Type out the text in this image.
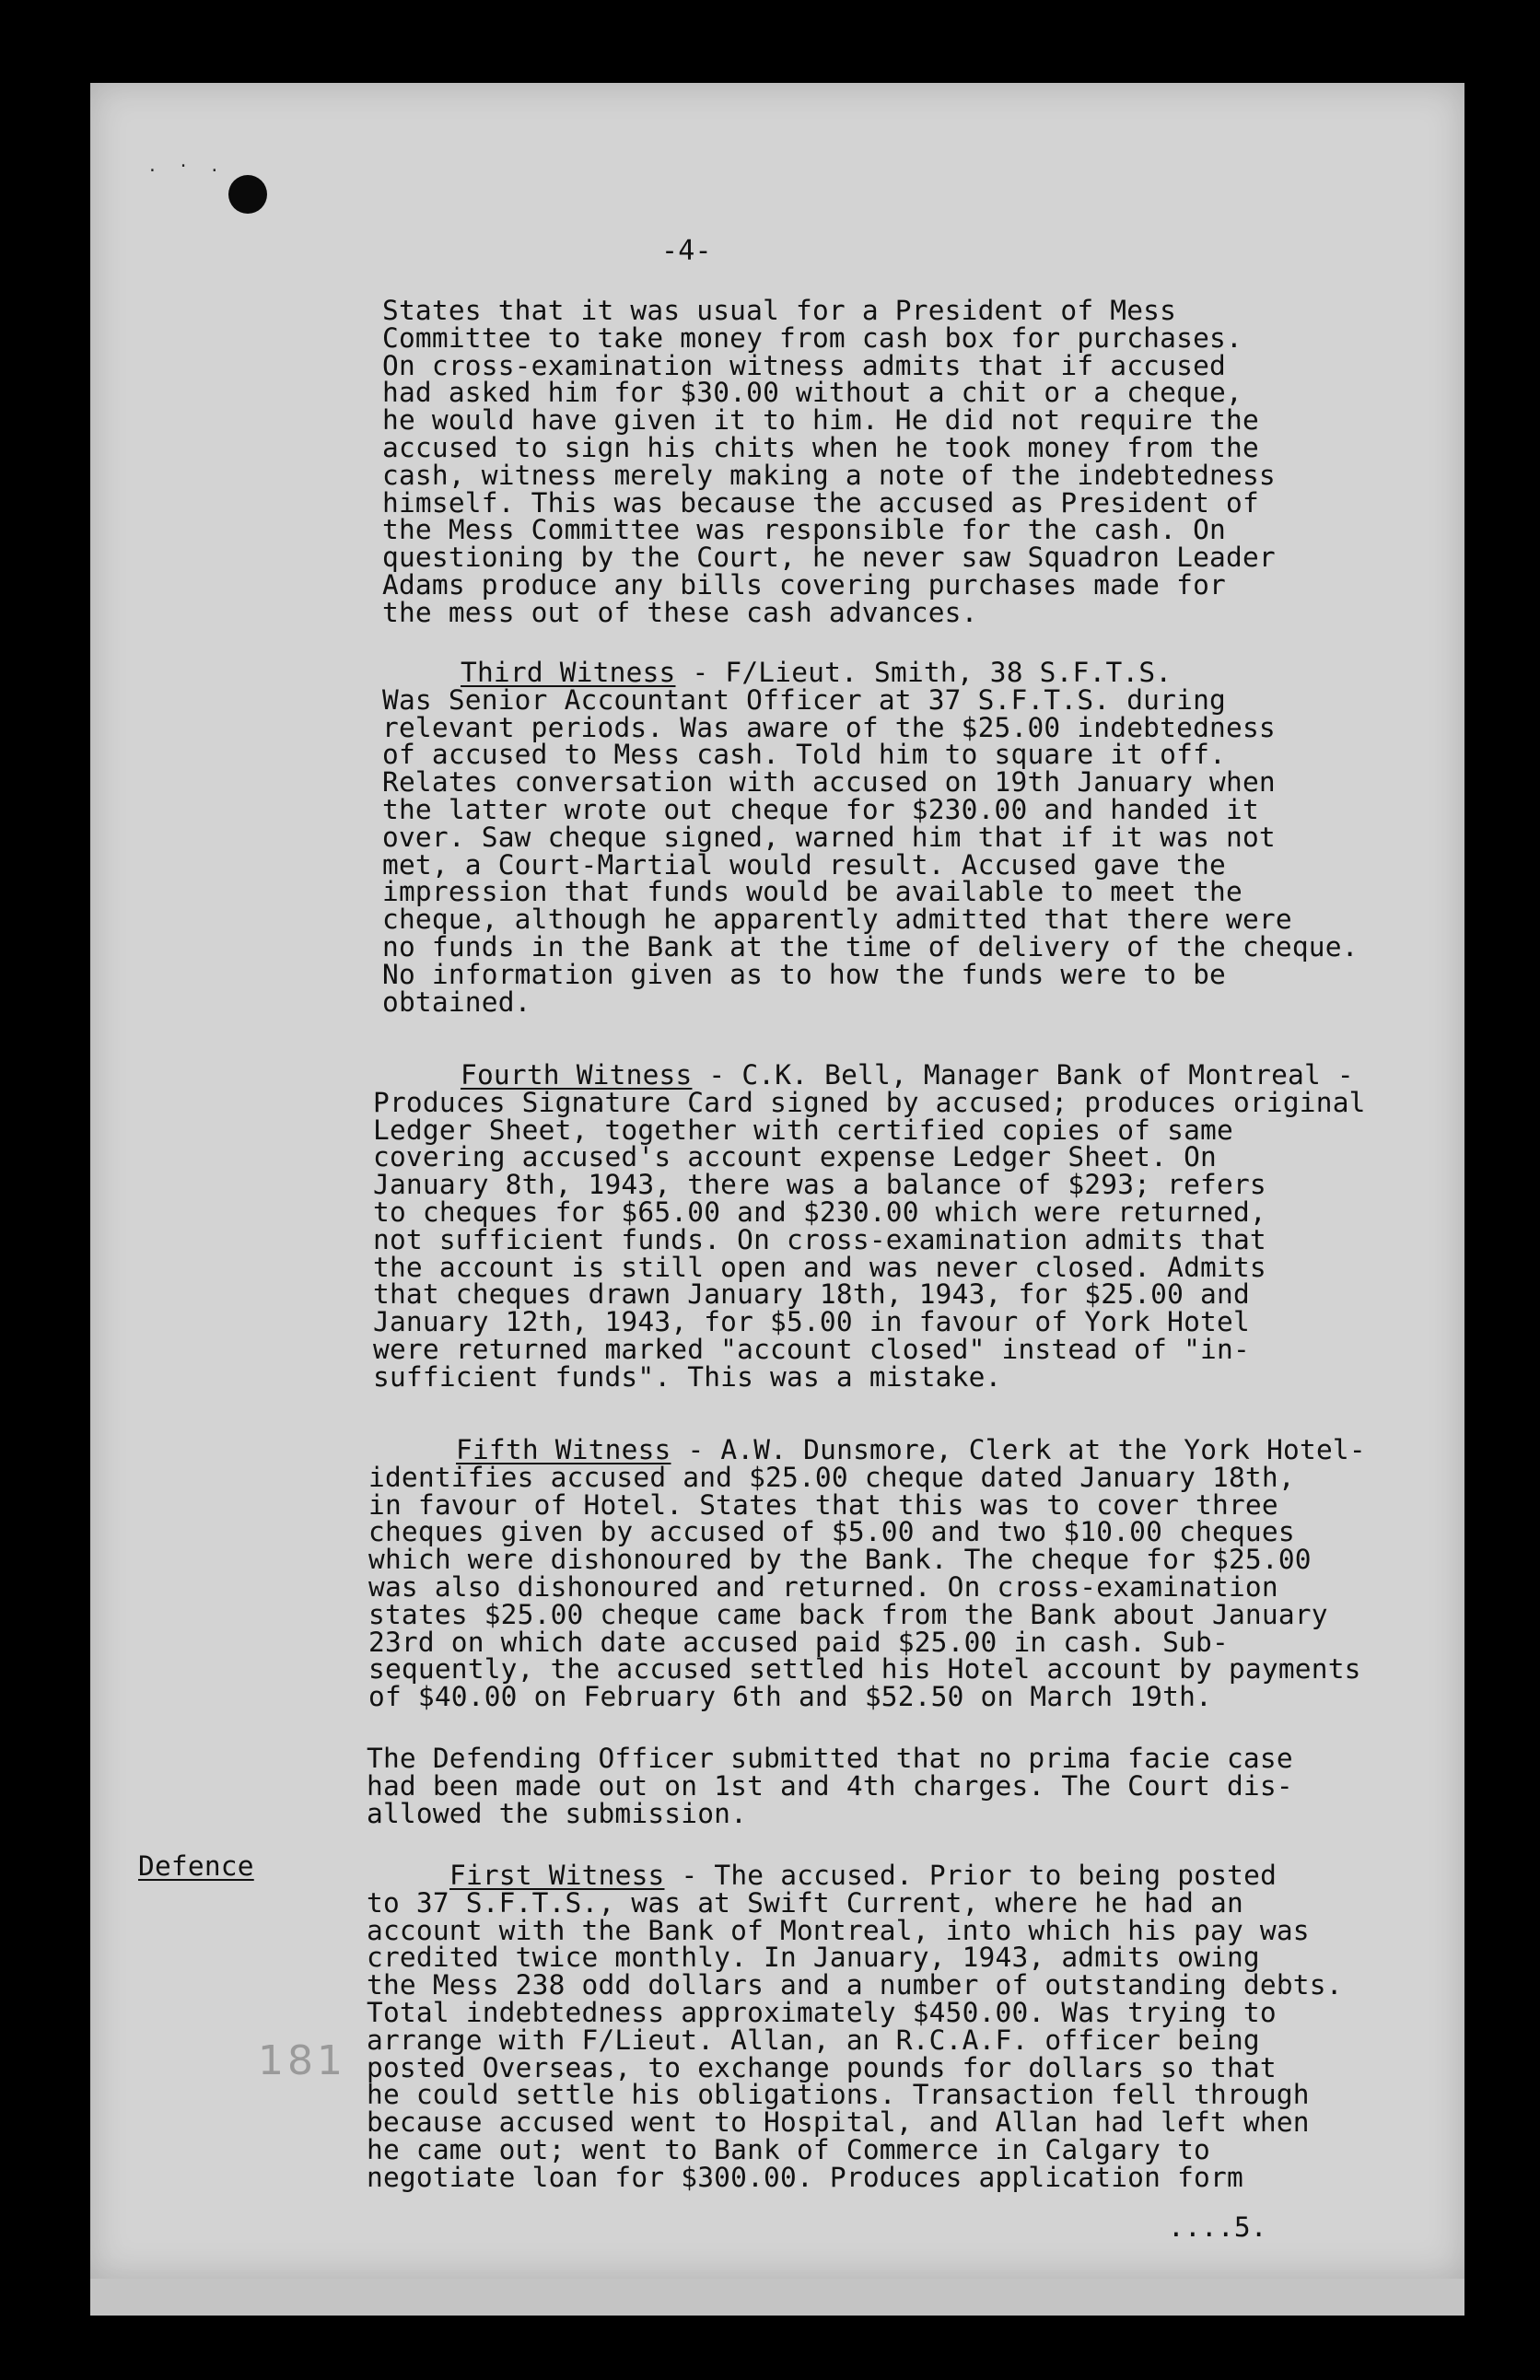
. · .
-4-
States that it was usual for a President of Mess
Committee to take money from cash box for purchases.
On cross-examination witness admits that if accused
had asked him for $30.00 without a chit or a cheque,
he would have given it to him. He did not require the
accused to sign his chits when he took money from the
cash, witness merely making a note of the indebtedness
himself. This was because the accused as President of
the Mess Committee was responsible for the cash. On
questioning by the Court, he never saw Squadron Leader
Adams produce any bills covering purchases made for
the mess out of these cash advances.
Third Witness - F/Lieut. Smith, 38 S.F.T.S.
Was Senior Accountant Officer at 37 S.F.T.S. during
relevant periods. Was aware of the $25.00 indebtedness
of accused to Mess cash. Told him to square it off.
Relates conversation with accused on 19th January when
the latter wrote out cheque for $230.00 and handed it
over. Saw cheque signed, warned him that if it was not
met, a Court-Martial would result. Accused gave the
impression that funds would be available to meet the
cheque, although he apparently admitted that there were
no funds in the Bank at the time of delivery of the cheque.
No information given as to how the funds were to be
obtained.
Fourth Witness - C.K. Bell, Manager Bank of Montreal -
Produces Signature Card signed by accused; produces original
Ledger Sheet, together with certified copies of same
covering accused's account expense Ledger Sheet. On
January 8th, 1943, there was a balance of $293; refers
to cheques for $65.00 and $230.00 which were returned,
not sufficient funds. On cross-examination admits that
the account is still open and was never closed. Admits
that cheques drawn January 18th, 1943, for $25.00 and
January 12th, 1943, for $5.00 in favour of York Hotel
were returned marked "account closed" instead of "in-
sufficient funds". This was a mistake.
Fifth Witness - A.W. Dunsmore, Clerk at the York Hotel-
identifies accused and $25.00 cheque dated January 18th,
in favour of Hotel. States that this was to cover three
cheques given by accused of $5.00 and two $10.00 cheques
which were dishonoured by the Bank. The cheque for $25.00
was also dishonoured and returned. On cross-examination
states $25.00 cheque came back from the Bank about January
23rd on which date accused paid $25.00 in cash. Sub-
sequently, the accused settled his Hotel account by payments
of $40.00 on February 6th and $52.50 on March 19th.
The Defending Officer submitted that no prima facie case
had been made out on 1st and 4th charges. The Court dis-
allowed the submission.
Defence	First Witness - The accused. Prior to being posted
to 37 S.F.T.S., was at Swift Current, where he had an
account with the Bank of Montreal, into which his pay was
credited twice monthly. In January, 1943, admits owing
the Mess 238 odd dollars and a number of outstanding debts.
Total indebtedness approximately $450.00. Was trying to
arrange with F/Lieut. Allan, an R.C.A.F. officer being
posted Overseas, to exchange pounds for dollars so that
he could settle his obligations. Transaction fell through
because accused went to Hospital, and Allan had left when
he came out; went to Bank of Commerce in Calgary to
negotiate loan for $300.00. Produces application form
181
....5.
